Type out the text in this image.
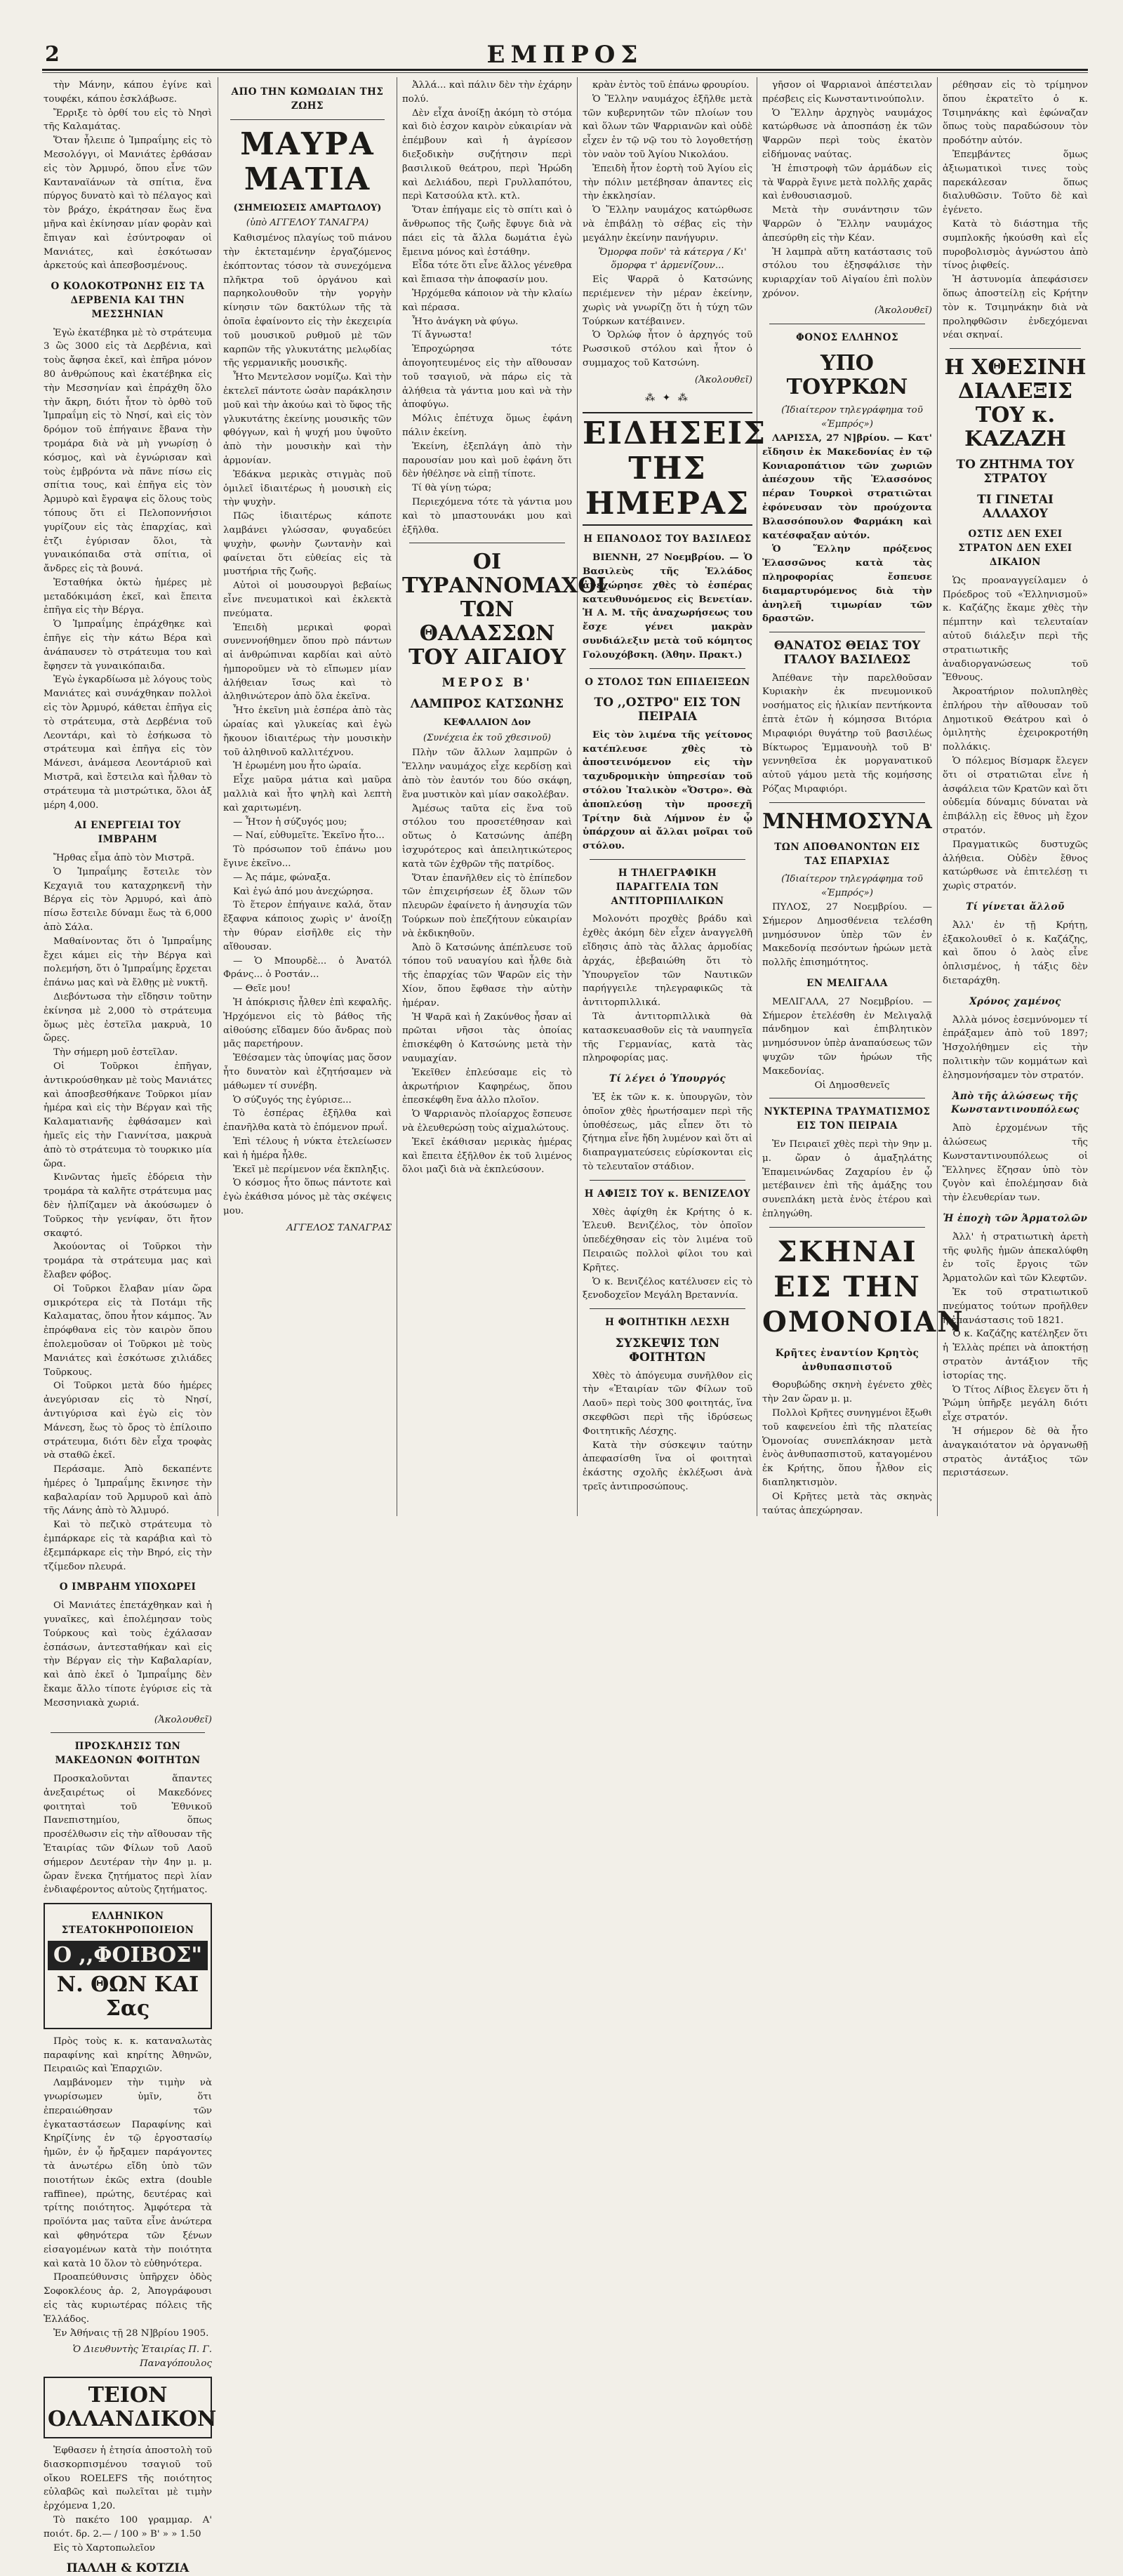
2	ΕΜΠΡΟΣ

τὴν Μάνην, κάπου ἐγίνε καὶ τουφέκι, κάπου ἐσκλάβωσε.

Ἔρριξε τὸ ὀρθί του εἰς τὸ Νησὶ τῆς Καλαμάτας.

Ὅταν ἦλειπε ὁ Ἰμπραΐμης εἰς τὸ Μεσολόγγι, οἱ Μανιάτες ἐρθάσαν εἰς τὸν Ἀρμυρό, ὅπου εἶνε τῶν Κανταναϊάνων τὰ σπίτια, ἕνα πύργος δυνατὸ καὶ τὸ πέλαγος καὶ τὸν βράχο, ἐκράτησαν ἕως ἕνα μῆνα καὶ ἐκίνησαν μίαν φορὰν καὶ ἔπιγαν καὶ ἐσύντροφαν οἱ Μανιάτες, καὶ ἐσκότωσαν ἀρκετούς καὶ ἀπεσβοσμένους.

Ο ΚΟΛΟΚΟΤΡΩΝΗΣ ΕΙΣ ΤΑ ΔΕΡΒΕΝΙΑ ΚΑΙ ΤΗΝ ΜΕΣΣΗΝΙΑΝ

Ἐγὼ ἐκατέβηκα μὲ τὸ στράτευμα 3 ὣς 3000 εἰς τὰ Δερβένια, καὶ τοὺς ἄφησα ἐκεῖ, καὶ ἐπῆρα μόνον 80 ἀνθρώπους καὶ ἐκατέβηκα εἰς τὴν Μεσσηνίαν καὶ ἐπράχθη ὅλο τὴν ἄκρη, διότι ἦτον τὸ ὀρθὸ τοῦ Ἰμπραΐμη εἰς τὸ Νησί, καὶ εἰς τὸν δρόμον τοῦ ἐπήγαινε ἔβανα τὴν τρομάρα διὰ νὰ μὴ γνωρίσῃ ὁ κόσμος, καὶ νὰ ἐγνώρισαν καὶ τοὺς ἐμβρόντα νὰ πᾶνε πίσω εἰς σπίτια τους, καὶ ἐπῆγα εἰς τὸν Ἀρμυρὸ καὶ ἔγραψα εἰς ὅλους τοὺς τόπους ὅτι εἰ Πελοποννήσιοι γυρίζουν εἰς τὰς ἐπαρχίας, καὶ ἐτζι ἐγύρισαν ὅλοι, τὰ γυναικόπαιδα στὰ σπίτια, οἱ ἄνδρες εἰς τὰ βουνά.

Ἐσταθήκα ὀκτὼ ἡμέρες μὲ μεταδόκιμάση ἐκεῖ, καὶ ἔπειτα ἐπῆγα εἰς τὴν Βέργα.

Ὁ Ἰμπραΐμης ἐπράχθηκε καὶ ἐπῆγε εἰς τὴν κάτω Βέρα καὶ ἀνάπαυσεν τὸ στράτευμα του καὶ ἔφησεν τὰ γυναικόπαιδα.

Ἐγὼ ἐγκαρδίωσα μὲ λόγους τοὺς Μανιάτες καὶ συνάχθηκαν πολλοὶ εἰς τὸν Ἀρμυρό, κάθεται ἐπῆγα εἰς τὸ στράτευμα, στὰ Δερβένια τοῦ Λεοντάρι, καὶ τὸ ἐσήκωσα τὸ στράτευμα καὶ ἐπῆγα εἰς τὸν Μάνεσι, ἀνάμεσα Λεοντάριοῦ καὶ Μιστρᾶ, καὶ ἔστειλα καὶ ἦλθαν τὸ στράτευμα τὰ μιστρώτικα, ὅλοι ἀξ μέρη 4,000.

ΑΙ ΕΝΕΡΓΕΙΑΙ ΤΟΥ ΙΜΒΡΑΗΜ

Ἤρθας εἶμα ἀπὸ τὸν Μιστρᾶ.

Ὁ Ἰμπραΐμης ἔστειλε τὸν Κεχαγιᾶ του καταχρηκενῆ τὴν Βέργα εἰς τὸν Ἀρμυρό, καὶ ἀπὸ πίσω ἔστειλε δύναμι ἕως τὰ 6,000 ἀπὸ Σάλα.

Μαθαίνοντας ὅτι ὁ Ἰμπραΐμης ἔχει κάμει εἰς τὴν Βέργα καὶ πολεμήση, ὅτι ὁ Ἰμπραΐμης ἔρχεται ἐπάνω μας καὶ νὰ ἔλθῃς μὲ νυκτῆ.

Διεβόντωσα τὴν εἴδησιν τοῦτην ἐκίνησα μὲ 2,000 τὸ στράτευμα ὅμως μὲς ἐστεῖλα μακρυὰ, 10 ὥρες.

Τὴν σήμερη μοῦ ἐστεῖλαν.

Οἱ Τοῦρκοι ἐπῆγαν, ἀντικρούσθηκαν μὲ τοὺς Μανιάτες καὶ ἀποσβεσθήκανε Τοῦρκοι μίαν ἡμέρα καὶ εἰς τὴν Βέργαν καὶ τῆς Καλαματιανῆς ἐφθάσαμεν καὶ ἡμεῖς εἰς τὴν Γιαννίτσα, μακρυὰ ἀπὸ τὸ στράτευμα τὸ τουρκικο μία ὥρα.

Κινῶντας ἡμεῖς ἐδόρεια τὴν τρομάρα τὰ καλῆτε στράτευμα μας δὲν ἠλπίζαμεν νὰ ἀκούσωμεν ὁ Τοῦρκος τὴν γενίφαν, ὅτι ἤτον σκαφτό.

Ἀκούοντας οἱ Τοῦρκοι τὴν τρομάρα τὰ στράτευμα μας καὶ ἔλαβεν φόβος.

Οἱ Τοῦρκοι ἔλαβαν μίαν ὥρα σμικρότερα εἰς τὰ Ποτάμι τῆς Καλαματας, ὅπου ἦτον κάμπος. Ἂν ἐπρόφθανα εἰς τὸν καιρὸν ὅπου ἐπολεμοῦσαν οἱ Τοῦρκοι μὲ τοὺς Μανιάτες καὶ ἐσκότωσε χιλιάδες Τοῦρκους.

Οἱ Τοῦρκοι μετὰ δύο ἡμέρες ἀνεγύρισαν εἰς τὸ Νησί, ἀντιγύρισα καὶ ἐγὼ εἰς τὸν Μάνεση, ἔως τὸ ὄρος τὸ ἐπίλοιπο στράτευμα, διότι δὲν εἶχα τροφὰς νὰ σταθῶ ἐκεῖ.

Περάσαμε. Ἀπὸ δεκαπέντε ἡμέρες ὁ Ἰμπραΐμης ἔκινησε τὴν καβαλαρίαν τοῦ Ἀρμυροῦ καὶ ἀπὸ τῆς Λάνης ἀπὸ τὸ Ἁλμυρό.

Καὶ τὸ πεζικὸ στράτευμα τὸ ἐμπάρκαρε εἰς τὰ καράβια καὶ τὸ ἐξεμπάρκαρε εἰς τὴν Βηρό, εἰς τὴν τζίμεδον πλευρά.

Ο ΙΜΒΡΑΗΜ ΥΠΟΧΩΡΕΙ

Οἱ Μανιάτες ἐπετάχθηκαν καὶ ἡ γυναῖκες, καὶ ἐπολέμησαν τοὺς Τούρκους καὶ τοὺς ἐχάλασαν ἐσπάσων, ἀντεσταθήκαν καὶ εἰς τὴν Βέργαν εἰς τὴν Καβαλαρίαν, καὶ ἀπὸ ἐκεῖ ὁ Ἰμπραΐμης δὲν ἔκαμε ἄλλο τίποτε ἐγύρισε εἰς τὰ Μεσσηνιακὰ χωριά.

(Ἀκολουθεῖ)
ΠΡΟΣΚΛΗΣΙΣ ΤΩΝ ΜΑΚΕΔΟΝΩΝ ΦΟΙΤΗΤΩΝ

Προσκαλοῦνται ἅπαντες ἀνεξαιρέτως οἱ Μακεδόνες φοιτηταὶ τοῦ Ἐθνικοῦ Πανεπιστημίου, ὅπως προσέλθωσιν εἰς τὴν αἴθουσαν τῆς Ἑταιρίας τῶν Φίλων τοῦ Λαοῦ σήμερον Δευτέραν τὴν 4ην μ. μ. ὥραν ἕνεκα ζητήματος περὶ λίαν ἐνδιαφέροντος αὐτοὺς ζητήματος.

ΕΛΛΗΝΙΚΟΝ ΣΤΕΑΤΟΚΗΡΟΠΟΙΕΙΟΝ
Ο ,,ΦΟΙΒΟΣ"
Ν. ΘΩΝ ΚΑΙ Σας

Πρὸς τοὺς κ. κ. καταναλωτὰς παραφίνης καὶ κηρίτης Ἀθηνῶν, Πειραιῶς καὶ Ἐπαρχιῶν.

Λαμβάνομεν τὴν τιμὴν νὰ γνωρίσωμεν ὑμῖν, ὅτι ἐπεραιώθησαν τῶν ἐγκαταστάσεων Παραφίνης καὶ Κηρίζίνης ἐν τῷ ἐργοστασίῳ ἡμῶν, ἐν ᾧ ἤρξαμεν παράγοντες τὰ ἀνωτέρω εἴδη ὑπὸ τῶν ποιοτήτων ἑκῶς extra (double raffinee), πρώτης, δευτέρας καὶ τρίτης ποιότητος. Ἀμφότερα τὰ προϊόντα μας ταῦτα εἶνε ἀνώτερα καὶ φθηνότερα τῶν ξένων εἰσαγομένων κατὰ τὴν ποιότητα καὶ κατὰ 10 ὅλον τὸ εὐθηνότερα.

Προαπεύθυνσις ὑπῆρχεν ὁδὸς Σοφοκλέους ἀρ. 2, Ἀπογράφουσι εἰς τὰς κυριωτέρας πόλεις τῆς Ἑλλάδος.

Ἐν Ἀθήναις τῇ 28 Ν]βρίου 1905.

Ὁ Διευθυντὴς Ἐταιρίας Π. Γ. Παναγόπουλος
ΤΕΙΟΝ ΟΛΛΑΝΔΙΚΟΝ

Ἐφθασεν ἡ ἐτησία ἀποστολὴ τοῦ διασκορπισμένου τσαγιοῦ τοῦ οἴκου ROELEFS τῆς ποιότητος εὐλαβῶς καὶ πωλεῖται μὲ τιμὴν ἐρχόμενα 1,20.

Τὸ πακέτο 100 γραμμαρ. Α' ποιότ. δρ. 2.— / 100 » Β' » » 1.50

Εἰς τὸ Χαρτοπωλεῖον

ΠΑΛΛΗ & ΚΟΤΖΙΑ
ΑΠΟ ΤΗΝ ΚΩΜΩΔΙΑΝ ΤΗΣ ΖΩΗΣ
ΜΑΥΡΑ ΜΑΤΙΑ
(ΣΗΜΕΙΩΣΕΙΣ ΑΜΑΡΤΩΛΟΥ)
(ὑπὸ ΑΓΓΕΛΟΥ ΤΑΝΑΓΡΑ)

Καθισμένος πλαγίως τοῦ πιάνου τὴν ἐκτεταμένην ἐργαζόμενος ἐκόπτοντας τόσον τὰ συνεχόμενα πλῆκτρα τοῦ ὀργάνου καὶ παρηκολουθοῦν τὴν γοργὴν κίνησιν τῶν δακτύλων τῆς τὰ ὁποῖα ἐφαίνοντο εἰς τὴν ἐκεχειρία τοῦ μουσικοῦ ρυθμοῦ μὲ τῶν καρπῶν τῆς γλυκυτάτης μελῳδίας τῆς γερμανικῆς μουσικῆς.

Ἦτο Μεντελσον νομίζω. Καὶ τὴν ἐκτελεῖ πάντοτε ὡσὰν παράκλησιν μοῦ καὶ τὴν ἀκούω καὶ τὸ ὕφος τῆς γλυκυτάτης ἐκείνης μουσικῆς τῶν φθόγγων, καὶ ἡ ψυχή μου ὑψοῦτο ἀπὸ τὴν μουσικὴν καὶ τὴν ἁρμονίαν.

Ἐδάκνα μερικὰς στιγμὰς ποῦ ὁμιλεῖ ἰδιαιτέρως ἡ μουσικὴ εἰς τὴν ψυχὴν.

Πῶς ἰδιαιτέρως κάποτε λαμβάνει γλώσσαν, φυγαδεύει ψυχὴν, φωνὴν ζωντανὴν καὶ φαίνεται ὅτι εὐθείας εἰς τὰ μυστήρια τῆς ζωῆς.

Αὐτοὶ οἱ μουσουργοὶ βεβαίως εἶνε πνευματικοὶ καὶ ἐκλεκτὰ πνεύματα.

Ἐπειδὴ μερικαὶ φοραὶ συνεννοήθημεν ὅπου πρὸ πάντων αἱ ἀνθρώπιναι καρδίαι καὶ αὐτὸ ἠμποροῦμεν νὰ τὸ εἴπωμεν μίαν ἀλήθειαν ἴσως καὶ τὸ ἀληθινώτερον ἀπὸ ὅλα ἐκεῖνα.

Ἦτο ἐκεῖνη μιὰ ἑσπέρα ἀπὸ τὰς ὡραίας καὶ γλυκείας καὶ ἐγὼ ἤκουον ἰδιαιτέρως τὴν μουσικὴν τοῦ ἀληθινοῦ καλλιτέχνου.

Ἡ ἐρωμένη μου ἦτο ὡραία.

Εἶχε μαῦρα μάτια καὶ μαῦρα μαλλιὰ καὶ ἦτο ψηλὴ καὶ λεπτὴ καὶ χαριτωμένη.

— Ἦτον ἡ σύζυγός μου;

— Ναί, εὐθυμεῖτε. Ἐκεῖνο ἦτο...

Τὸ πρόσωπον τοῦ ἐπάνω μου ἔγινε ἐκεῖνο...

— Ἀς πάμε, φώναξα.

Καὶ ἐγώ ἀπό μου ἀνεχώρησα.

Τὸ ἕτερον ἐπήγαινε καλά, ὅταν ἔξαφνα κάποιος χωρὶς ν' ἀνοίξῃ τὴν θύραν εἰσῆλθε εἰς τὴν αἴθουσαν.

— Ὁ Μπουρδὲ... ὁ Ἀνατόλ Φράνς... ὁ Ροστάν...

— Θεῖε μου!

Ἡ ἀπόκρισις ἦλθεν ἐπὶ κεφαλῆς. Ἠρχόμενοι εἰς τὸ βάθος τῆς αἰθούσης εἴδαμεν δύο ἄνδρας ποὺ μᾶς παρετήρουν.

Ἐθέσαμεν τὰς ὑποψίας μας ὅσον ἦτο δυνατὸν καὶ ἐζητήσαμεν νὰ μάθωμεν τί συνέβη.

Ὁ σύζυγός της ἐγύρισε...

Τὸ ἑσπέρας ἐξῆλθα καὶ ἐπανῆλθα κατὰ τὸ ἐπόμενον πρωΐ.

Ἐπὶ τέλους ἡ νύκτα ἐτελείωσεν καὶ ἡ ἡμέρα ἦλθε.

Ἐκεῖ μὲ περίμενον νέα ἔκπληξις.

Ὁ κόσμος ἦτο ὅπως πάντοτε καὶ ἐγὼ ἐκάθισα μόνος μὲ τὰς σκέψεις μου.

ΑΓΓΕΛΟΣ ΤΑΝΑΓΡΑΣ

Ἀλλά... καὶ πάλιν δὲν τὴν ἐχάρην πολύ.

Δὲν εἶχα ἀνοίξῃ ἀκόμη τὸ στόμα καὶ διὸ ἐσχον καιρὸν εὐκαιρίαν νὰ ἐπέμβουν καὶ ἡ ἀγρίεσον διεξοδικὴν συζήτησιν περὶ βασιλικοῦ θεάτρου, περὶ Ἡρώδη καὶ Δελιάδου, περὶ Γρυλλαπότου, περὶ Κατσούλα κτλ. κτλ.

Ὅταν ἐπήγαμε εἰς τὸ σπίτι καὶ ὁ ἄνθρωπος τῆς ζωῆς ἔφυγε διὰ νὰ πάει εἰς τὰ ἄλλα δωμάτια ἐγὼ ἔμεινα μόνος καὶ ἐστάθην.

Εἶδα τότε ὅτι εἶνε ἄλλος γένεθρα καὶ ἔπιασα τὴν ἀποφασίν μου.

Ἠρχόμεθα κάποιον νὰ τὴν κλαίω καὶ πέρασα.

Ἦτο ἀνάγκη νὰ φύγω.

Τί ἄγνωστα!

Ἐπροχώρησα τότε ἀπογοητευμένος εἰς τὴν αἴθουσαν τοῦ τσαγιοῦ, νὰ πάρω εἰς τὰ ἀλήθεια τὰ γάντια μου καὶ νὰ τὴν ἀποφύγω.

Μόλις ἐπέτυχα ὅμως ἐφάνη πάλιν ἐκείνη.

Ἐκείνη, ἐξεπλάγη ἀπὸ τὴν παρουσίαν μου καὶ μοῦ ἐφάνη ὅτι δὲν ἠθέλησε νὰ εἰπῇ τίποτε.

Τί θὰ γίνῃ τώρα;

Περιεχόμενα τότε τὰ γάντια μου καὶ τὸ μπαστουνάκι μου καὶ ἐξῆλθα.

ΟΙ ΤΥΡΑΝΝΟΜΑΧΟΙ ΤΩΝ ΘΑΛΑΣΣΩΝ ΤΟΥ ΑΙΓΑΙΟΥ
ΜΕΡΟΣ Β'
ΛΑΜΠΡΟΣ ΚΑΤΣΩΝΗΣ
ΚΕΦΑΛΑΙΟΝ Δον
(Συνέχεια ἐκ τοῦ χθεσινοῦ)

Πλὴν τῶν ἄλλων λαμπρῶν ὁ Ἕλλην ναυμάχος εἶχε κερδίσῃ καὶ ἀπὸ τὸν ἑαυτόν του δύο σκάφη, ἕνα μυστικὸν καὶ μίαν σακολέβαν.

Ἀμέσως ταῦτα εἰς ἕνα τοῦ στόλου του προσετέθησαν καὶ οὕτως ὁ Κατσώνης ἀπέβη ἰσχυρότερος καὶ ἀπειλητικώτερος κατὰ τῶν ἐχθρῶν τῆς πατρίδος.

Ὅταν ἐπανῆλθεν εἰς τὸ ἐπίπεδον τῶν ἐπιχειρήσεων ἐξ ὅλων τῶν πλευρῶν ἐφαίνετο ἡ ἀνησυχία τῶν Τούρκων ποὺ ἐπεζήτουν εὐκαιρίαν νὰ ἐκδικηθοῦν.

Ἀπὸ ὃ Κατσώνης ἀπέπλευσε τοῦ τόπου τοῦ ναυαγίου καὶ ἦλθε διὰ τῆς ἐπαρχίας τῶν Ψαρῶν εἰς τὴν Χίον, ὅπου ἔφθασε τὴν αὐτὴν ἡμέραν.

Ἡ Ψαρᾶ καὶ ἡ Ζακύνθος ἦσαν αἱ πρῶται νῆσοι τὰς ὁποίας ἐπισκέφθη ὁ Κατσώνης μετὰ τὴν ναυμαχίαν.

Ἐκεῖθεν ἐπλεύσαμε εἰς τὸ ἀκρωτήριον Καφηρέως, ὅπου ἐπεσκέφθη ἕνα ἀλλο πλοῖον.

Ὁ Ψαρριανὸς πλοίαρχος ἔσπευσε νὰ ἐλευθερώσῃ τοὺς αἰχμαλώτους.

Ἐκεῖ ἐκάθισαν μερικὰς ἡμέρας καὶ ἔπειτα ἐξῆλθον ἐκ τοῦ λιμένος ὅλοι μαζὶ διὰ νὰ ἐκπλεύσουν.

κρὰν ἐντὸς τοῦ ἐπάνω φρουρίου.

Ὁ Ἕλλην ναυμάχος ἐξῆλθε μετὰ τῶν κυβερνητῶν τῶν πλοίων του καὶ ὅλων τῶν Ψαρριανῶν καὶ οὐδὲ εἶχεν ἐν τῷ νῷ του τὸ λογοθετήσῃ τὸν ναὸν τοῦ Ἁγίου Νικολάου.

Ἐπειδὴ ἦτον ἑορτὴ τοῦ Ἁγίου εἰς τὴν πόλιν μετέβησαν ἀπαντες εἰς τὴν ἐκκλησίαν.

Ὁ Ἕλλην ναυμάχος κατώρθωσε νὰ ἐπιβάλῃ τὸ σέβας εἰς τὴν μεγάλην ἐκείνην πανήγυριν.

Ὅμορφα ποῦν' τὰ κάτεργα / Κι' ὅμορφα τ' ἀρμενίζουν...

Εἰς Ψαρρᾶ ὁ Κατσώνης περιέμενεν τὴν μέραν ἐκείνην, χωρὶς νὰ γνωρίζῃ ὅτι ἡ τύχη τῶν Τούρκων κατέβαινεν.

Ὁ Ὁρλώφ ἦτον ὁ ἀρχηγός τοῦ Ρωσσικοῦ στόλου καὶ ἦτον ὁ συμμαχος τοῦ Κατσώνη.

(Ἀκολουθεῖ)
⁂ ✦ ⁂
ΕΙΔΗΣΕΙΣ ΤΗΣ ΗΜΕΡΑΣ
Η ΕΠΑΝΟΔΟΣ ΤΟΥ ΒΑΣΙΛΕΩΣ

ΒΙΕΝΝΗ, 27 Νοεμβρίου. — Ὁ Βασιλεὺς τῆς Ἑλλάδος ἀνεχώρησε χθὲς τὸ ἑσπέρας κατευθυνόμενος εἰς Βενετίαν. Ἡ Α. Μ. τῆς ἀναχωρήσεως του ἔσχε γένει μακρὰν συνδιάλεξιν μετὰ τοῦ κόμητος Γολουχόβσκη. (Ἀθην. Πρακτ.)

Ο ΣΤΟΛΟΣ ΤΩΝ ΕΠΙΔΕΙΞΕΩΝ
ΤΟ ,,ΟΣΤΡΟ" ΕΙΣ ΤΟΝ ΠΕΙΡΑΙΑ

Εἰς τὸν λιμένα τῆς γείτονος κατέπλευσε χθὲς τὸ ἀποστεινόμενον εἰς τὴν ταχυδρομικὴν ὑπηρεσίαν τοῦ στόλου Ἰταλικὸν «Ὄστρο». Θὰ ἀποπλεύσῃ τὴν προσεχῆ Τρίτην διὰ Λήμνον ἐν ᾧ ὑπάρχουν αἱ ἄλλαι μοῖραι τοῦ στόλου.

Η ΤΗΛΕΓΡΑΦΙΚΗ ΠΑΡΑΓΓΕΛΙΑ ΤΩΝ ΑΝΤΙΤΟΡΠΙΛΛΙΚΩΝ

Μολονότι προχθὲς βράδυ καὶ ἐχθὲς ἀκόμη δὲν εἶχεν ἀναγγελθῆ εἴδησις ἀπὸ τὰς ἄλλας ἁρμοδίας ἀρχάς, ἐβεβαιώθη ὅτι τὸ Ὑπουργεῖον τῶν Ναυτικῶν παρήγγειλε τηλεγραφικῶς τὰ ἀντιτορπιλλικά.

Τὰ ἀντιτορπιλλικὰ θὰ κατασκευασθοῦν εἰς τὰ ναυπηγεῖα τῆς Γερμανίας, κατὰ τὰς πληροφορίας μας.

Τί λέγει ὁ Ὑπουργός

Ἐξ ἐκ τῶν κ. κ. ὑπουργῶν, τὸν ὁποῖον χθὲς ἠρωτήσαμεν περὶ τῆς ὑποθέσεως, μᾶς εἶπεν ὅτι τὸ ζήτημα εἶνε ἤδη λυμένον καὶ ὅτι αἱ διαπραγματεύσεις εὑρίσκονται εἰς τὸ τελευταῖον στάδιον.

Η ΑΦΙΞΙΣ ΤΟΥ κ. ΒΕΝΙΖΕΛΟΥ

Χθὲς ἀφίχθη ἐκ Κρήτης ὁ κ. Ἐλευθ. Βενιζέλος, τὸν ὁποῖον ὑπεδέχθησαν εἰς τὸν λιμένα τοῦ Πειραιῶς πολλοὶ φίλοι του καὶ Κρῆτες.

Ὁ κ. Βενιζέλος κατέλυσεν εἰς τὸ ξενοδοχεῖον Μεγάλη Βρεταννία.

Η ΦΟΙΤΗΤΙΚΗ ΛΕΣΧΗ
ΣΥΣΚΕΨΙΣ ΤΩΝ ΦΟΙΤΗΤΩΝ

Χθὲς τὸ ἀπόγευμα συνῆλθον εἰς τὴν «Ἑταιρίαν τῶν Φίλων τοῦ Λαοῦ» περὶ τοὺς 300 φοιτητάς, ἵνα σκεφθῶσι περὶ τῆς ἱδρύσεως Φοιτητικῆς Λέσχης.

Κατὰ τὴν σύσκεψιν ταύτην ἀπεφασίσθη ἵνα οἱ φοιτηταὶ ἐκάστης σχολῆς ἐκλέξωσι ἀνὰ τρεῖς ἀντιπροσώπους.

γῆσον οἱ Ψαρριανοὶ ἀπέστειλαν πρέσβεις εἰς Κωνσταντινούπολιν.

Ὁ Ἕλλην ἀρχηγὸς ναυμάχος κατώρθωσε νὰ ἀποσπάσῃ ἐκ τῶν Ψαρρῶν περὶ τοὺς ἑκατὸν εἰδήμονας ναύτας.

Ἡ ἐπιστροφὴ τῶν ἀρμάδων εἰς τὰ Ψαρρὰ ἔγινε μετὰ πολλῆς χαρᾶς καὶ ἐνθουσιασμοῦ.

Μετὰ τὴν συνάντησιν τῶν Ψαρρῶν ὁ Ἕλλην ναυμάχος ἀπεσύρθη εἰς τὴν Κέαν.

Ἡ λαμπρὰ αὕτη κατάστασις τοῦ στόλου του ἐξησφάλισε τὴν κυριαρχίαν τοῦ Αἰγαίου ἐπὶ πολὺν χρόνον.

(Ἀκολουθεῖ)
ΦΟΝΟΣ ΕΛΛΗΝΟΣ
ΥΠΟ ΤΟΥΡΚΩΝ

(Ἰδιαίτερον τηλεγράφημα τοῦ «Ἐμπρός»)

ΛΑΡΙΣΣΑ, 27 Ν]βρίου. — Κατ' εἴδησιν ἐκ Μακεδονίας ἐν τῷ Κονιαροπάτιον τῶν χωριῶν ἀπέσχουν τῆς Ἐλασσόνος πέραν Τουρκοὶ στρατιῶται ἐφόνευσαν τὸν προύχοντα Βλασσόπουλον Φαρμάκη καὶ κατέσφαξαν αὐτόν.

Ὁ Ἕλλην πρόξενος Ἐλασσῶνος κατὰ τὰς πληροφορίας ἔσπευσε διαμαρτυρόμενος διὰ τὴν ἀνηλεῆ τιμωρίαν τῶν δραστῶν.

ΘΑΝΑΤΟΣ ΘΕΙΑΣ ΤΟΥ ΙΤΑΛΟΥ ΒΑΣΙΛΕΩΣ

Ἀπέθανε τὴν παρελθοῦσαν Κυριακὴν ἐκ πνευμονικοῦ νοσήματος εἰς ἡλικίαν πεντήκοντα ἑπτὰ ἐτῶν ἡ κόμησσα Βιτόρια Μιραφιόρι θυγάτηρ τοῦ βασιλέως Βίκτωρος Ἐμμανουὴλ τοῦ Β' γεννηθεῖσα ἐκ μοργανατικοῦ αὐτοῦ γάμου μετὰ τῆς κομήσσης Ρόζας Μιραφιόρι.

ΜΝΗΜΟΣΥΝΑ
ΤΩΝ ΑΠΟΘΑΝΟΝΤΩΝ ΕΙΣ ΤΑΣ ΕΠΑΡΧΙΑΣ

(Ἰδιαίτερον τηλεγράφημα τοῦ «Ἐμπρός»)

ΠΥΛΟΣ, 27 Νοεμβρίου. — Σήμερον Δημοσθένεια τελέσθη μνημόσυνον ὑπὲρ τῶν ἐν Μακεδονίᾳ πεσόντων ἡρώων μετὰ πολλῆς ἐπισημότητος.

ΕΝ ΜΕΛΙΓΑΛΑ

ΜΕΛΙΓΑΛΑ, 27 Νοεμβρίου. — Σήμερον ἐτελέσθη ἐν Μελιγαλᾷ πάνδημον καὶ ἐπιβλητικὸν μνημόσυνον ὑπὲρ ἀναπαύσεως τῶν ψυχῶν τῶν ἡρώων τῆς Μακεδονίας.

Οἱ Δημοσθενεῖς

ΝΥΚΤΕΡΙΝΑ ΤΡΑΥΜΑΤΙΣΜΟΣ ΕΙΣ ΤΟΝ ΠΕΙΡΑΙΑ

Ἐν Πειραιεῖ χθὲς περὶ τὴν 9ην μ. μ. ὥραν ὁ ἀμαξηλάτης Ἐπαμεινώνδας Ζαχαρίου ἐν ᾧ μετέβαινεν ἐπὶ τῆς ἀμάξης του συνεπλάκη μετὰ ἑνὸς ἑτέρου καὶ ἐπληγώθη.

ΣΚΗΝΑΙ ΕΙΣ ΤΗΝ ΟΜΟΝΟΙΑΝ
Κρῆτες ἐναντίον Κρητὸς ἀνθυπασπιστοῦ

Θορυβώδης σκηνὴ ἐγένετο χθὲς τὴν 2αν ὥραν μ. μ.

Πολλοὶ Κρῆτες συνηγμένοι ἔξωθι τοῦ καφενείου ἐπὶ τῆς πλατείας Ὁμονοίας συνεπλάκησαν μετὰ ἑνὸς ἀνθυπασπιστοῦ, καταγομένου ἐκ Κρήτης, ὅπου ἦλθον εἰς διαπληκτισμὸν.

Οἱ Κρῆτες μετὰ τὰς σκηνὰς ταύτας ἀπεχώρησαν.

ρέθησαν εἰς τὸ τρίμηνον ὅπου ἐκρατεῖτο ὁ κ. Τσιμηνάκης καὶ ἐφώναζαν ὅπως τοὺς παραδώσουν τὸν προδότην αὐτόν.

Ἐπεμβάντες ὅμως ἀξιωματικοὶ τινες τοὺς παρεκάλεσαν ὅπως διαλυθῶσιν. Τοῦτο δὲ καὶ ἐγένετο.

Κατὰ τὸ διάστημα τῆς συμπλοκῆς ἠκούσθη καὶ εἷς πυροβολισμὸς ἀγνώστου ἀπὸ τίνος ῥιφθείς.

Ἡ ἀστυνομία ἀπεφάσισεν ὅπως ἀποστείλῃ εἰς Κρήτην τὸν κ. Τσιμηνάκην διὰ νὰ προληφθῶσιν ἐνδεχόμεναι νέαι σκηναί.

Η ΧΘΕΣΙΝΗ ΔΙΑΛΕΞΙΣ ΤΟΥ κ. ΚΑΖΑΖΗ
ΤΟ ΖΗΤΗΜΑ ΤΟΥ ΣΤΡΑΤΟΥ
ΤΙ ΓΙΝΕΤΑΙ ΑΛΛΑΧΟΥ
ΟΣΤΙΣ ΔΕΝ ΕΧΕΙ ΣΤΡΑΤΟΝ ΔΕΝ ΕΧΕΙ ΔΙΚΑΙΟΝ

Ὡς προαναγγείλαμεν ὁ Πρόεδρος τοῦ «Ἑλληνισμοῦ» κ. Καζάζης ἔκαμε χθὲς τὴν πέμπτην καὶ τελευταίαν αὐτοῦ διάλεξιν περὶ τῆς στρατιωτικῆς ἀναδιοργανώσεως τοῦ Ἔθνους.

Ἀκροατήριον πολυπληθὲς ἐπλήρου τὴν αἴθουσαν τοῦ Δημοτικοῦ Θεάτρου καὶ ὁ ὁμιλητὴς ἐχειροκροτήθη πολλάκις.

Ὁ πόλεμος Βίσμαρκ ἔλεγεν ὅτι οἱ στρατιῶται εἶνε ἡ ἀσφάλεια τῶν Κρατῶν καὶ ὅτι οὐδεμία δύναμις δύναται νὰ ἐπιβάλλῃ εἰς ἔθνος μὴ ἔχον στρατόν.

Πραγματικῶς δυστυχῶς ἀλήθεια. Οὐδὲν ἔθνος κατώρθωσε νὰ ἐπιτελέσῃ τι χωρὶς στρατόν.

Τί γίνεται ἄλλοῦ

Ἀλλ' ἐν τῇ Κρήτῃ, ἐξακολουθεῖ ὁ κ. Καζάζης, καὶ ὅπου ὁ λαὸς εἶνε ὁπλισμένος, ἡ τάξις δὲν διεταράχθη.

Χρόνος χαμένος

Ἀλλὰ μόνος ἐσεμνύνομεν τί ἐπράξαμεν ἀπὸ τοῦ 1897; Ἠσχολήθημεν εἰς τὴν πολιτικὴν τῶν κομμάτων καὶ ἐλησμονήσαμεν τὸν στρατόν.

Ἀπὸ τῆς ἁλώσεως τῆς Κωνσταντινουπόλεως

Ἀπὸ ἐρχομένων τῆς ἁλώσεως τῆς Κωνσταντινουπόλεως οἱ Ἕλληνες ἔζησαν ὑπὸ τὸν ζυγὸν καὶ ἐπολέμησαν διὰ τὴν ἐλευθερίαν των.

Ἡ ἐποχὴ τῶν Ἁρματολῶν

Ἀλλ' ἡ στρατιωτικὴ ἀρετὴ τῆς φυλῆς ἡμῶν ἀπεκαλύφθη ἐν τοῖς ἔργοις τῶν Ἁρματολῶν καὶ τῶν Κλεφτῶν.

Ἐκ τοῦ στρατιωτικοῦ πνεύματος τούτων προῆλθεν ἡ ἐπανάστασις τοῦ 1821.

Ὁ κ. Καζάζης κατέληξεν ὅτι ἡ Ἑλλὰς πρέπει νὰ ἀποκτήσῃ στρατὸν ἀντάξιον τῆς ἱστορίας της.

Ὁ Τίτος Λίβιος ἔλεγεν ὅτι ἡ Ῥώμη ὑπῆρξε μεγάλη διότι εἶχε στρατόν.

Ἡ σήμερον δὲ θὰ ἦτο ἀναγκαιότατον νὰ ὀργανωθῇ στρατὸς ἀντάξιος τῶν περιστάσεων.
